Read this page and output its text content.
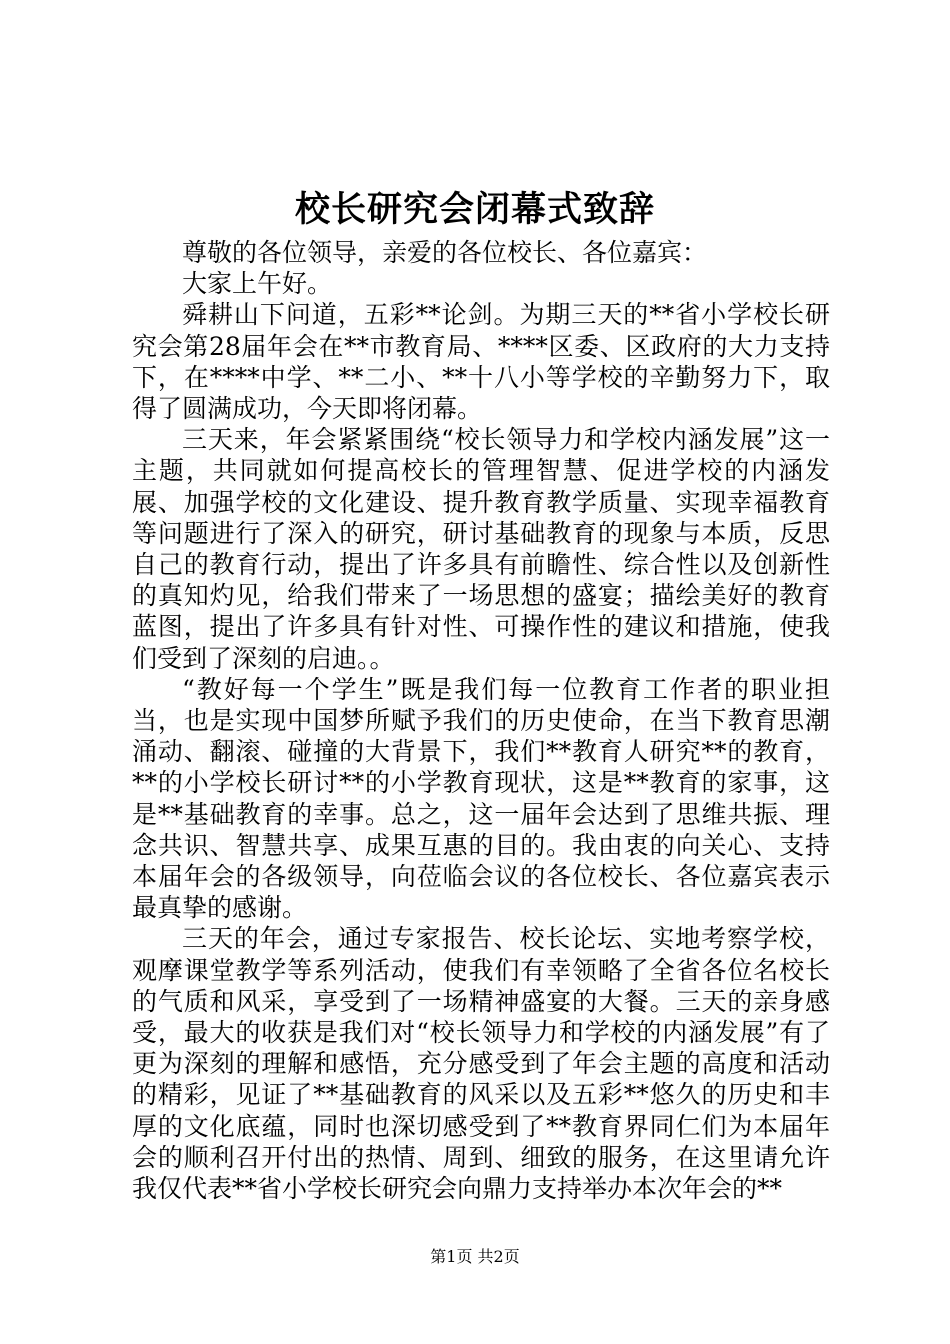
校长研究会闭幕式致辞

尊敬的各位领导，亲爱的各位校长、各位嘉宾：

大家上午好。

舜耕山下问道，五彩**论剑。为期三天的**省小学校长研究会第28届年会在**市教育局、****区委、区政府的大力支持下，在****中学、**二小、**十八小等学校的辛勤努力下，取得了圆满成功，今天即将闭幕。

三天来，年会紧紧围绕“校长领导力和学校内涵发展”这一主题，共同就如何提高校长的管理智慧、促进学校的内涵发展、加强学校的文化建设、提升教育教学质量、实现幸福教育等问题进行了深入的研究，研讨基础教育的现象与本质，反思自己的教育行动，提出了许多具有前瞻性、综合性以及创新性的真知灼见，给我们带来了一场思想的盛宴；描绘美好的教育蓝图，提出了许多具有针对性、可操作性的建议和措施，使我们受到了深刻的启迪。。

“教好每一个学生”既是我们每一位教育工作者的职业担当，也是实现中国梦所赋予我们的历史使命，在当下教育思潮涌动、翻滚、碰撞的大背景下，我们**教育人研究**的教育，**的小学校长研讨**的小学教育现状，这是**教育的家事，这是**基础教育的幸事。总之，这一届年会达到了思维共振、理念共识、智慧共享、成果互惠的目的。我由衷的向关心、支持本届年会的各级领导，向莅临会议的各位校长、各位嘉宾表示最真挚的感谢。

三天的年会，通过专家报告、校长论坛、实地考察学校，观摩课堂教学等系列活动，使我们有幸领略了全省各位名校长的气质和风采，享受到了一场精神盛宴的大餐。三天的亲身感受，最大的收获是我们对“校长领导力和学校的内涵发展”有了更为深刻的理解和感悟，充分感受到了年会主题的高度和活动的精彩，见证了**基础教育的风采以及五彩**悠久的历史和丰厚的文化底蕴，同时也深切感受到了**教育界同仁们为本届年会的顺利召开付出的热情、周到、细致的服务，在这里请允许我仅代表**省小学校长研究会向鼎力支持举办本次年会的**

第1页 共2页
